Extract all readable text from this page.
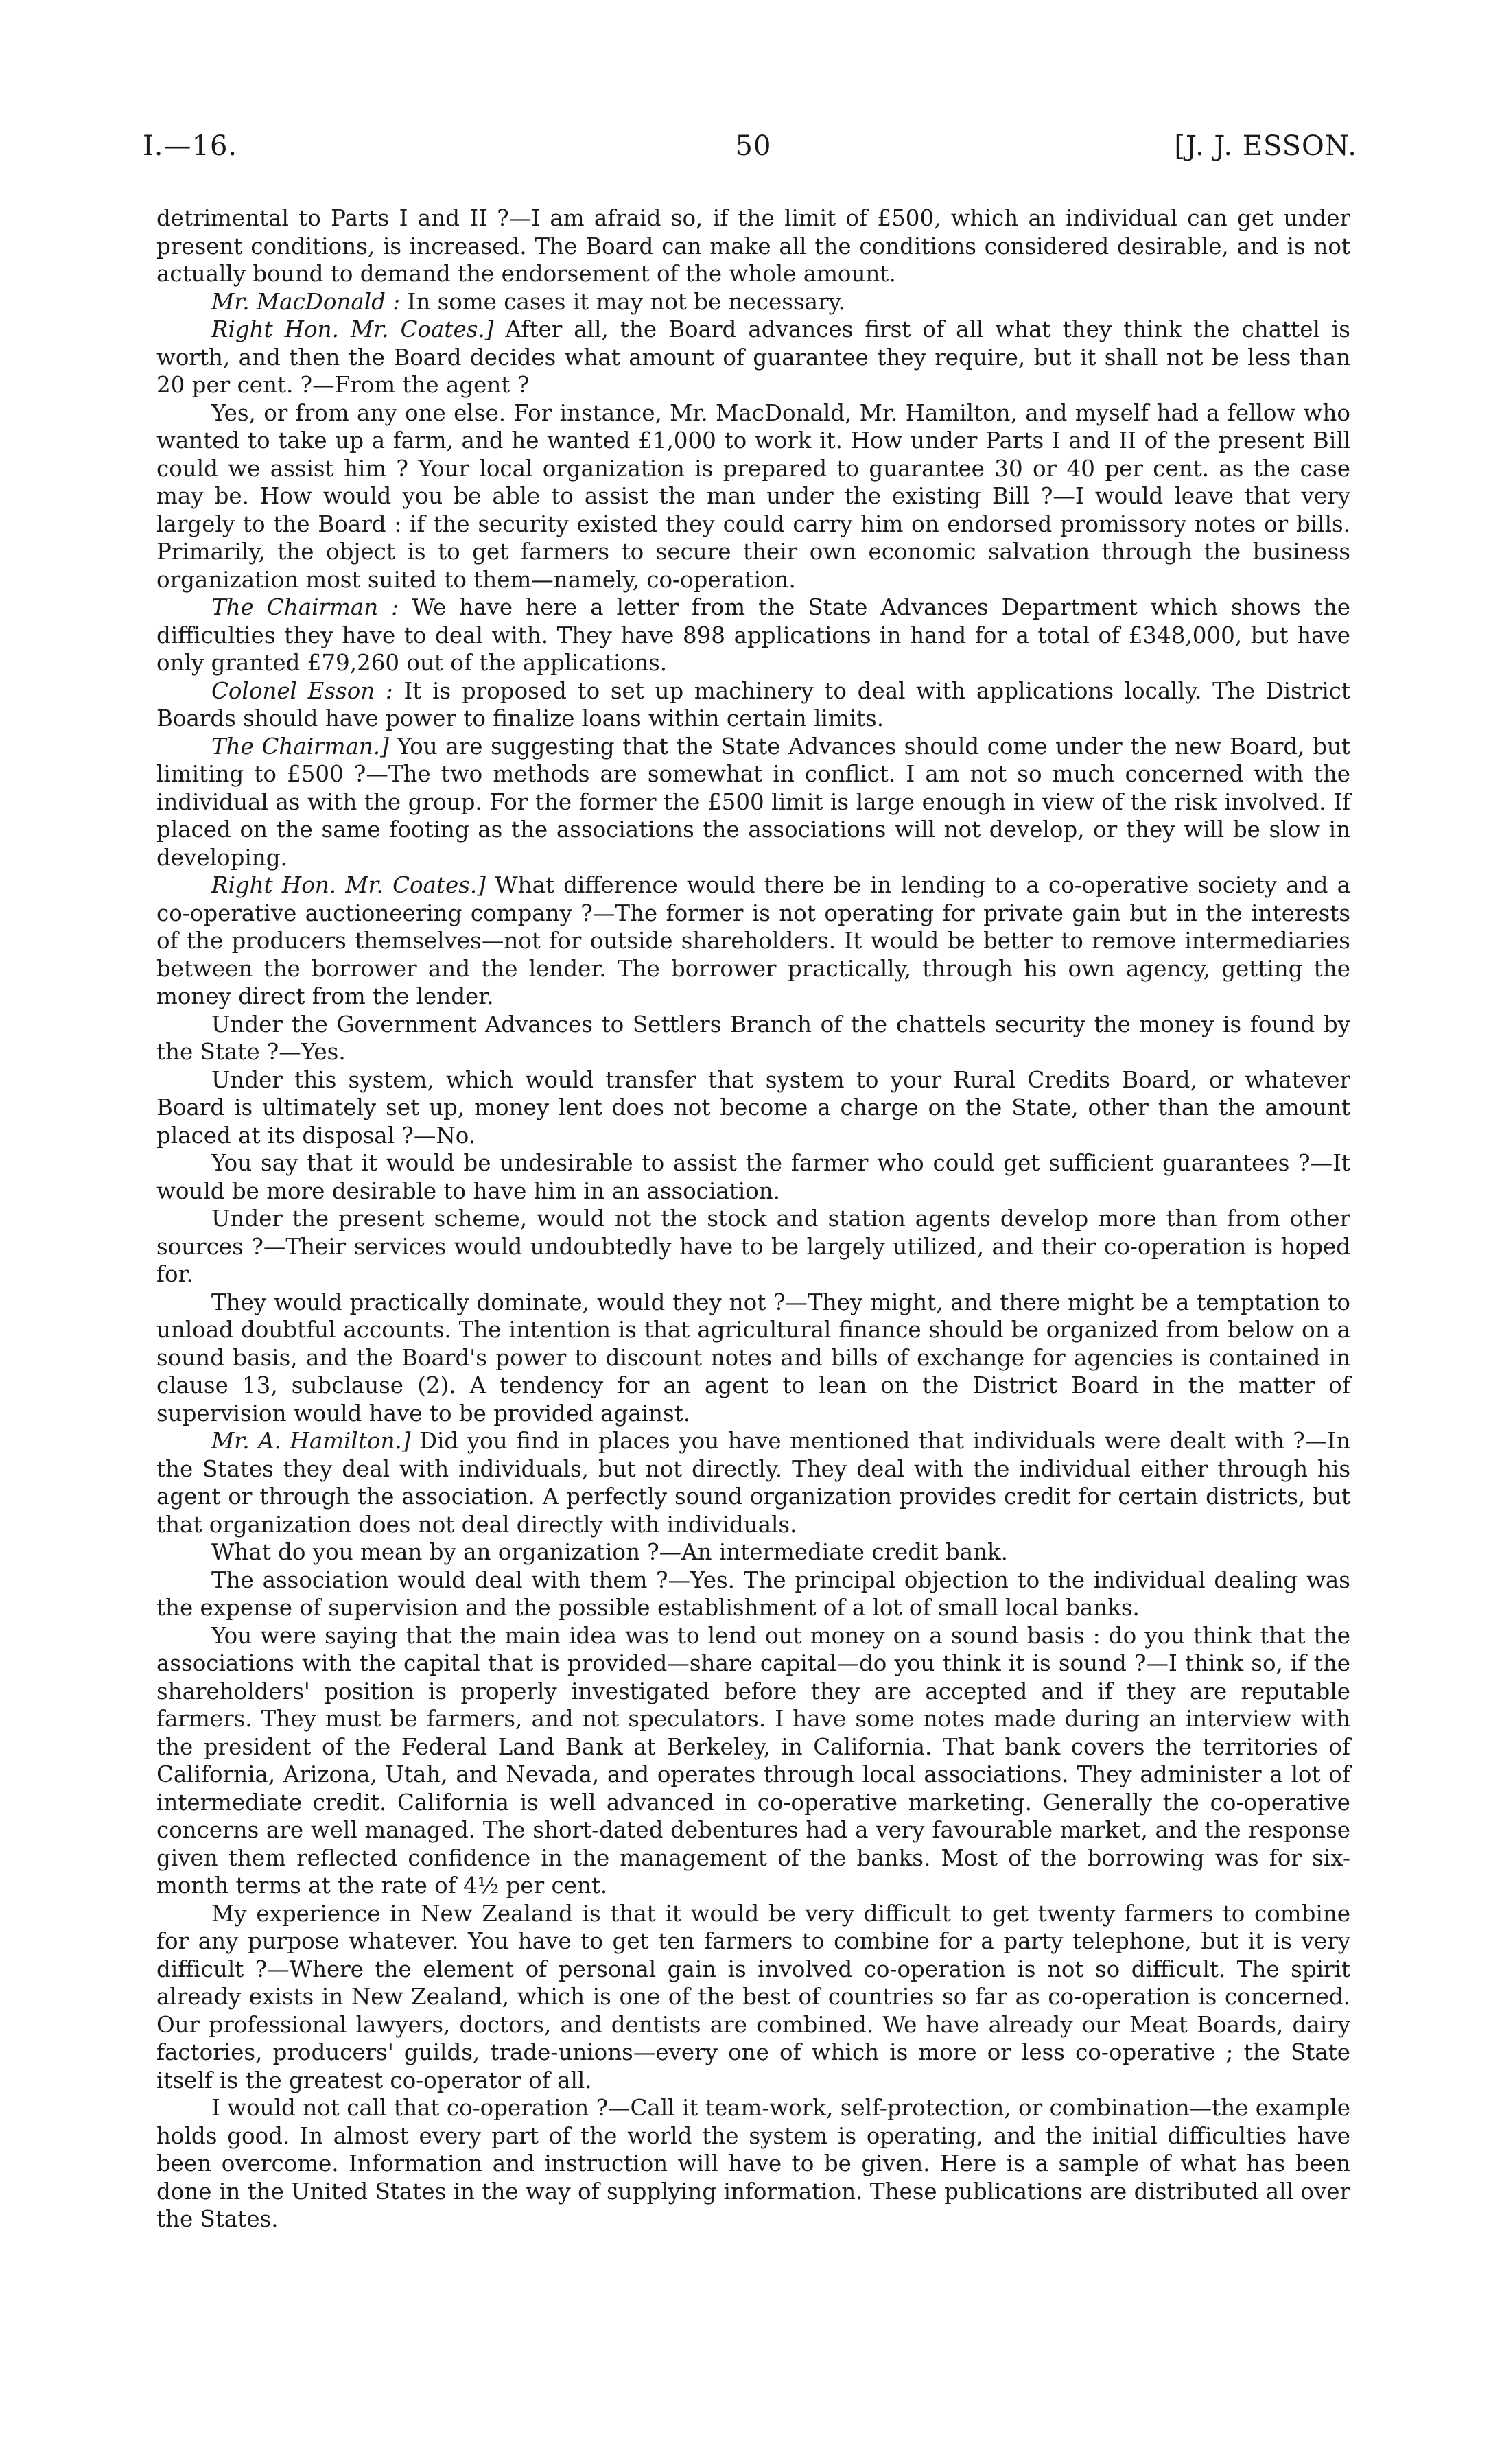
I.—16.	50	[J. J. ESSON.

detrimental to Parts I and II ?—I am afraid so, if the limit of £500, which an individual can get under present conditions, is increased. The Board can make all the conditions considered desirable, and is not actually bound to demand the endorsement of the whole amount.

Mr. MacDonald : In some cases it may not be necessary.

Right Hon. Mr. Coates.] After all, the Board advances first of all what they think the chattel is worth, and then the Board decides what amount of guarantee they require, but it shall not be less than 20 per cent. ?—From the agent ?

Yes, or from any one else. For instance, Mr. MacDonald, Mr. Hamilton, and myself had a fellow who wanted to take up a farm, and he wanted £1,000 to work it. How under Parts I and II of the present Bill could we assist him ? Your local organization is prepared to guarantee 30 or 40 per cent. as the case may be. How would you be able to assist the man under the existing Bill ?—I would leave that very largely to the Board : if the security existed they could carry him on endorsed promissory notes or bills. Primarily, the object is to get farmers to secure their own economic salvation through the business organization most suited to them—namely, co-operation.

The Chairman : We have here a letter from the State Advances Department which shows the difficulties they have to deal with. They have 898 applications in hand for a total of £348,000, but have only granted £79,260 out of the applications.

Colonel Esson : It is proposed to set up machinery to deal with applications locally. The District Boards should have power to finalize loans within certain limits.

The Chairman.] You are suggesting that the State Advances should come under the new Board, but limiting to £500 ?—The two methods are somewhat in conflict. I am not so much concerned with the individual as with the group. For the former the £500 limit is large enough in view of the risk involved. If placed on the same footing as the associations the associations will not develop, or they will be slow in developing.

Right Hon. Mr. Coates.] What difference would there be in lending to a co-operative society and a co-operative auctioneering company ?—The former is not operating for private gain but in the interests of the producers themselves—not for outside shareholders. It would be better to remove intermediaries between the borrower and the lender. The borrower practically, through his own agency, getting the money direct from the lender.

Under the Government Advances to Settlers Branch of the chattels security the money is found by the State ?—Yes.

Under this system, which would transfer that system to your Rural Credits Board, or whatever Board is ultimately set up, money lent does not become a charge on the State, other than the amount placed at its disposal ?—No.

You say that it would be undesirable to assist the farmer who could get sufficient guarantees ?—It would be more desirable to have him in an association.

Under the present scheme, would not the stock and station agents develop more than from other sources ?—Their services would undoubtedly have to be largely utilized, and their co-operation is hoped for.

They would practically dominate, would they not ?—They might, and there might be a temptation to unload doubtful accounts. The intention is that agricultural finance should be organized from below on a sound basis, and the Board's power to discount notes and bills of exchange for agencies is contained in clause 13, subclause (2). A tendency for an agent to lean on the District Board in the matter of supervision would have to be provided against.

Mr. A. Hamilton.] Did you find in places you have mentioned that individuals were dealt with ?—In the States they deal with individuals, but not directly. They deal with the individual either through his agent or through the association. A perfectly sound organization provides credit for certain districts, but that organization does not deal directly with individuals.

What do you mean by an organization ?—An intermediate credit bank.

The association would deal with them ?—Yes. The principal objection to the individual dealing was the expense of supervision and the possible establishment of a lot of small local banks.

You were saying that the main idea was to lend out money on a sound basis : do you think that the associations with the capital that is provided—share capital—do you think it is sound ?—I think so, if the shareholders' position is properly investigated before they are accepted and if they are reputable farmers. They must be farmers, and not speculators. I have some notes made during an interview with the president of the Federal Land Bank at Berkeley, in California. That bank covers the territories of California, Arizona, Utah, and Nevada, and operates through local associations. They administer a lot of intermediate credit. California is well advanced in co-operative marketing. Generally the co-operative concerns are well managed. The short-dated debentures had a very favourable market, and the response given them reflected confidence in the management of the banks. Most of the borrowing was for six-month terms at the rate of 4½ per cent.

My experience in New Zealand is that it would be very difficult to get twenty farmers to combine for any purpose whatever. You have to get ten farmers to combine for a party telephone, but it is very difficult ?—Where the element of personal gain is involved co-operation is not so difficult. The spirit already exists in New Zealand, which is one of the best of countries so far as co-operation is concerned. Our professional lawyers, doctors, and dentists are combined. We have already our Meat Boards, dairy factories, producers' guilds, trade-unions—every one of which is more or less co-operative ; the State itself is the greatest co-operator of all.

I would not call that co-operation ?—Call it team-work, self-protection, or combination—the example holds good. In almost every part of the world the system is operating, and the initial difficulties have been overcome. Information and instruction will have to be given. Here is a sample of what has been done in the United States in the way of supplying information. These publications are distributed all over the States.
